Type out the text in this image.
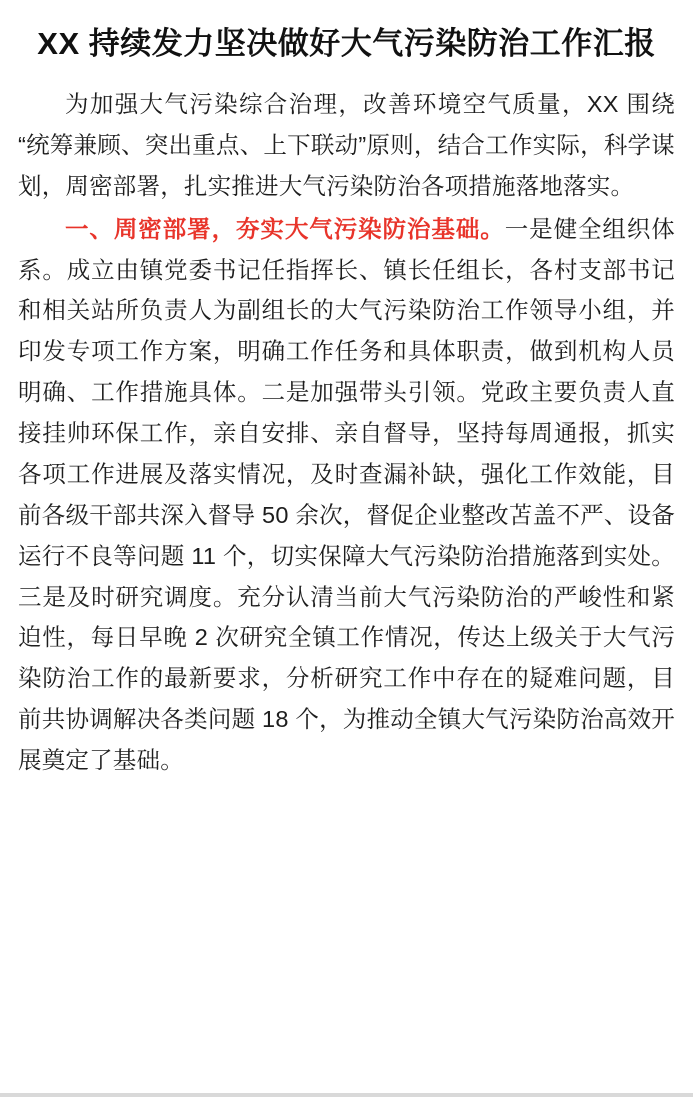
XX 持续发力坚决做好大气污染防治工作汇报

为加强大气污染综合治理，改善环境空气质量，XX 围绕“统筹兼顾、突出重点、上下联动”原则，结合工作实际，科学谋划，周密部署，扎实推进大气污染防治各项措施落地落实。

一、周密部署，夯实大气污染防治基础。一是健全组织体系。成立由镇党委书记任指挥长、镇长任组长，各村支部书记和相关站所负责人为副组长的大气污染防治工作领导小组，并印发专项工作方案，明确工作任务和具体职责，做到机构人员明确、工作措施具体。二是加强带头引领。党政主要负责人直接挂帅环保工作，亲自安排、亲自督导，坚持每周通报，抓实各项工作进展及落实情况，及时查漏补缺，强化工作效能，目前各级干部共深入督导 50 余次，督促企业整改苫盖不严、设备运行不良等问题 11 个，切实保障大气污染防治措施落到实处。三是及时研究调度。充分认清当前大气污染防治的严峻性和紧迫性，每日早晚 2 次研究全镇工作情况，传达上级关于大气污染防治工作的最新要求，分析研究工作中存在的疑难问题，目前共协调解决各类问题 18 个，为推动全镇大气污染防治高效开展奠定了基础。
